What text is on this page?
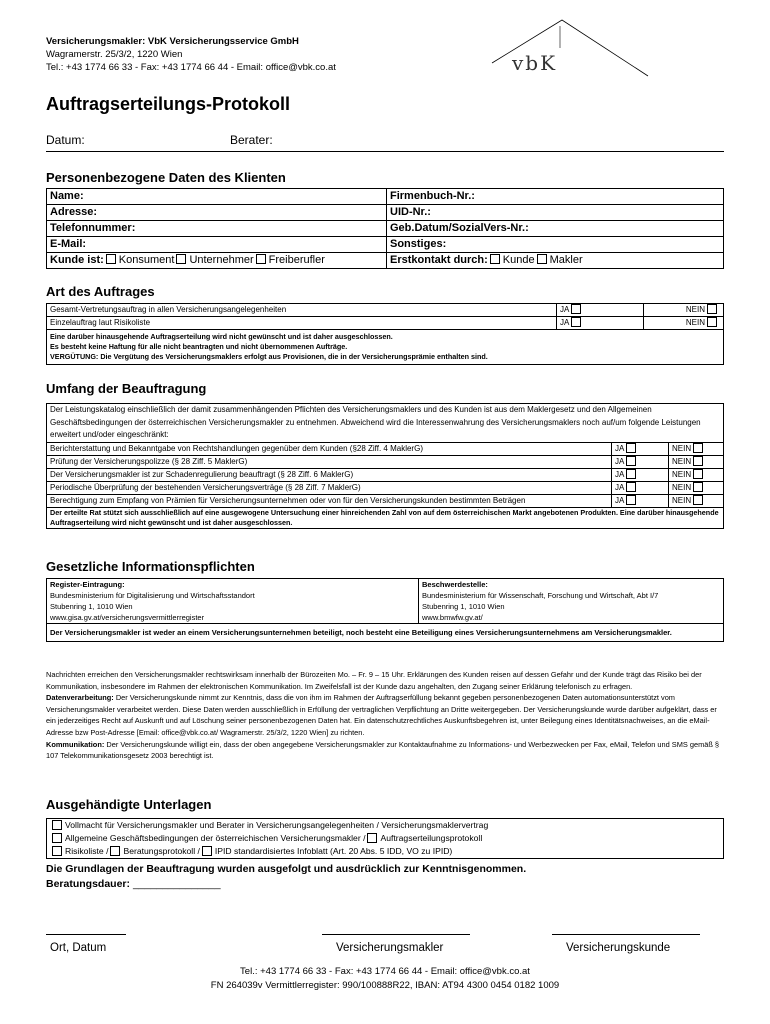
Versicherungsmakler: VbK Versicherungsservice GmbH
Wagramerstr. 25/3/2, 1220 Wien
Tel.: +43 1774 66 33 - Fax: +43 1774 66 44 - Email: office@vbk.co.at	vbK
Auftragserteilungs-Protokoll
Datum:	Berater:
Personenbezogene Daten des Klienten
Name:	Firmenbuch-Nr.:
Adresse:	UID-Nr.:
Telefonnummer:	Geb.Datum/SozialVers-Nr.:
E-Mail:	Sonstiges:
Kunde ist: Konsument Unternehmer Freiberufler	Erstkontakt durch: Kunde Makler
Art des Auftrages
Gesamt-Vertretungsauftrag in allen Versicherungsangelegenheiten	JA	NEIN
Einzelauftrag laut Risikoliste	JA	NEIN

Eine darüber hinausgehende Auftragserteilung wird nicht gewünscht und ist daher ausgeschlossen.
Es besteht keine Haftung für alle nicht beantragten und nicht übernommenen Aufträge.
VERGÜTUNG: Die Vergütung des Versicherungsmaklers erfolgt aus Provisionen, die in der Versicherungsprämie enthalten sind.		
Umfang der Beauftragung
Der Leistungskatalog einschließlich der damit zusammenhängenden Pflichten des Versicherungsmaklers und des Kunden ist aus dem Maklergesetz und den Allgemeinen Geschäftsbedingungen der österreichischen Versicherungsmakler zu entnehmen. Abweichend wird die Interessenwahrung des Versicherungsmaklers noch auf/um folgende Leistungen erweitert und/oder eingeschränkt:		
Berichterstattung und Bekanntgabe von Rechtshandlungen gegenüber dem Kunden (§28 Ziff. 4 MaklerG)	JA	NEIN
Prüfung der Versicherungspolizze (§ 28 Ziff. 5 MaklerG)	JA	NEIN
Der Versicherungsmakler ist zur Schadenregulierung beauftragt (§ 28 Ziff. 6 MaklerG)	JA	NEIN
Periodische Überprüfung der bestehenden Versicherungsverträge (§ 28 Ziff. 7 MaklerG)	JA	NEIN
Berechtigung zum Empfang von Prämien für Versicherungsunternehmen oder von für den Versicherungskunden bestimmten Beträgen	JA	NEIN
Der erteilte Rat stützt sich ausschließlich auf eine ausgewogene Untersuchung einer hinreichenden Zahl von auf dem österreichischen Markt angebotenen Produkten. Eine darüber hinausgehende Auftragserteilung wird nicht gewünscht und ist daher ausgeschlossen.		
Gesetzliche Informationspflichten
Register-Eintragung:
Bundesministerium für Digitalisierung und Wirtschaftsstandort
Stubenring 1, 1010 Wien
www.gisa.gv.at/versicherungsvermittlerregister

Beschwerdestelle:
Bundesministerium für Wissenschaft, Forschung und Wirtschaft, Abt I/7
Stubenring 1, 1010 Wien
www.bmwfw.gv.at/

Der Versicherungsmakler ist weder an einem Versicherungsunternehmen beteiligt, noch besteht eine Beteiligung eines Versicherungsunternehmens am Versicherungsmakler.
Nachrichten erreichen den Versicherungsmakler rechtswirksam innerhalb der Bürozeiten Mo. – Fr. 9 – 15 Uhr. Erklärungen des Kunden reisen auf dessen Gefahr und der Kunde trägt das Risiko bei der Kommunikation, insbesondere im Rahmen der elektronischen Kommunikation. Im Zweifelsfall ist der Kunde dazu angehalten, den Zugang seiner Erklärung telefonisch zu erfragen.
Datenverarbeitung: Der Versicherungskunde nimmt zur Kenntnis, dass die von ihm im Rahmen der Auftragserfüllung bekannt gegeben personenbezogenen Daten automationsunterstützt vom Versicherungsmakler verarbeitet werden. Diese Daten werden ausschließlich in Erfüllung der vertraglichen Verpflichtung an Dritte weitergegeben. Der Versicherungskunde wurde darüber aufgeklärt, dass er ein jederzeitiges Recht auf Auskunft und auf Löschung seiner personenbezogenen Daten hat. Ein datenschutzrechtliches Auskunftsbegehren ist, unter Beilegung eines Identitätsnachweises, an die eMail-Adresse bzw Post-Adresse [Email: office@vbk.co.at/ Wagramerstr. 25/3/2, 1220 Wien] zu richten.
Kommunikation: Der Versicherungskunde willigt ein, dass der oben angegebene Versicherungsmakler zur Kontaktaufnahme zu Informations- und Werbezwecken per Fax, eMail, Telefon und SMS gemäß § 107 Telekommunikationsgesetz 2003 berechtigt ist.
Ausgehändigte Unterlagen
Vollmacht für Versicherungsmakler und Berater in Versicherungsangelegenheiten / Versicherungsmaklervertrag
Allgemeine Geschäftsbedingungen der österreichischen Versicherungsmakler / Auftragserteilungsprotokoll
Risikoliste / Beratungsprotokoll / IPID standardisiertes Infoblatt (Art. 20 Abs. 5 IDD, VO zu IPID)
Die Grundlagen der Beauftragung wurden ausgefolgt und ausdrücklich zur Kenntnisgenommen.
Beratungsdauer: _______________
Ort, Datum	Versicherungsmakler	Versicherungskunde
Tel.: +43 1774 66 33 - Fax: +43 1774 66 44 - Email: office@vbk.co.at
FN 264039v Vermittlerregister: 990/100888R22, IBAN: AT94 4300 0454 0182 1009
